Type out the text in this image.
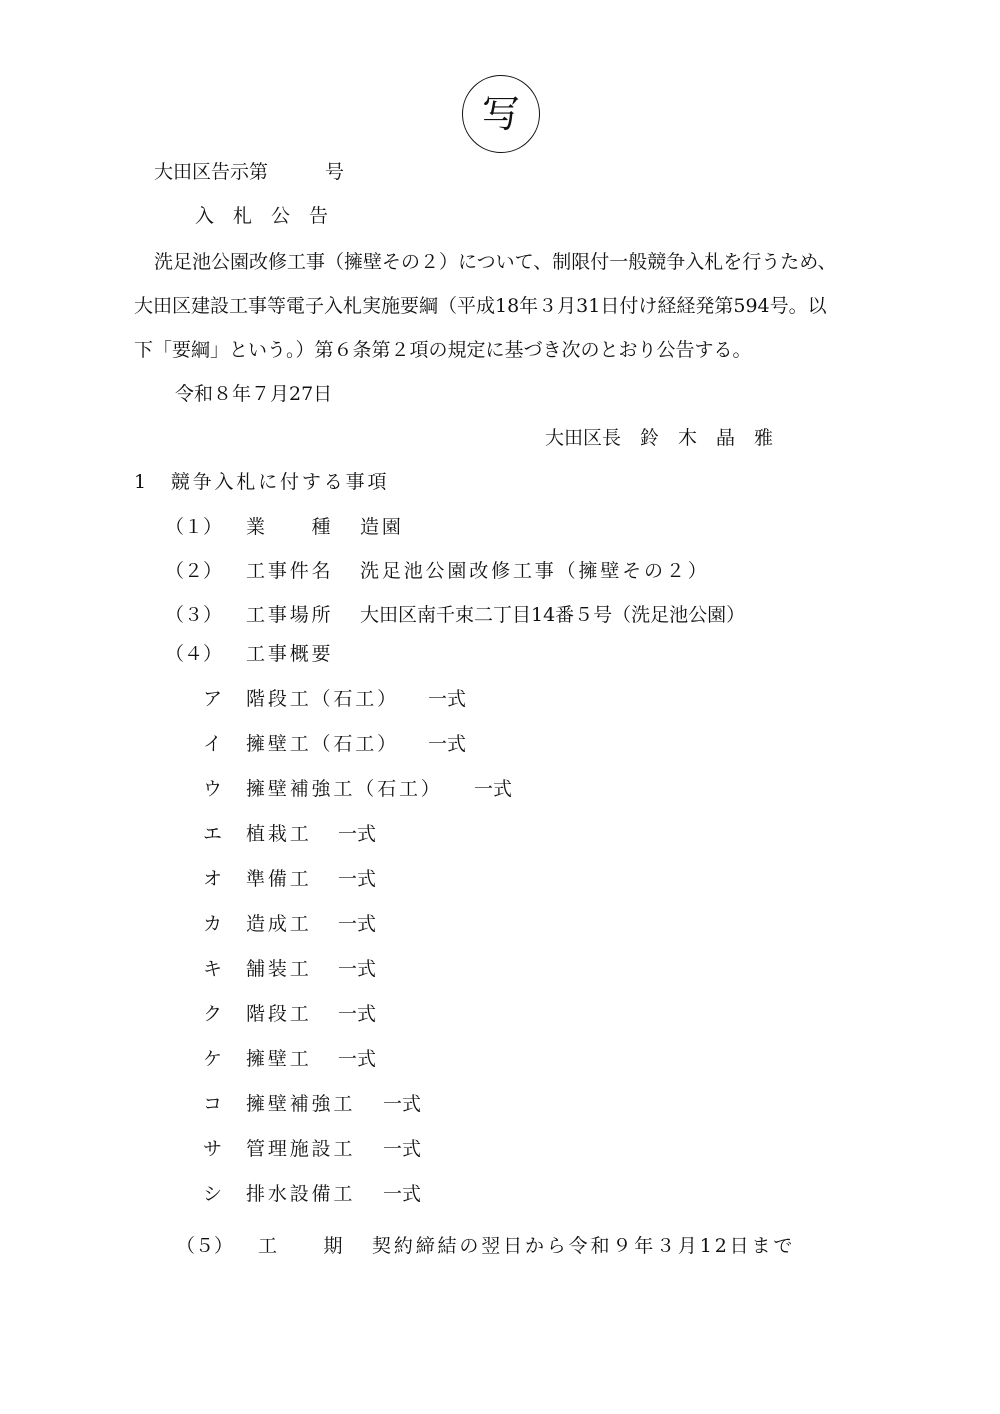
写
大田区告示第　　　号
入　札　公　告
洗足池公園改修工事（擁壁その２）について、制限付一般競争入札を行うため、
大田区建設工事等電子入札実施要綱（平成18年３月31日付け経経発第594号。以
下「要綱」という。）第６条第２項の規定に基づき次のとおり公告する。
令和８年７月27日
大田区長　鈴　木　晶　雅
1　競争入札に付する事項
（１） 業　　種 造園
（２） 工事件名 洗足池公園改修工事（擁壁その２）
（３） 工事場所 大田区南千束二丁目14番５号（洗足池公園）
（４） 工事概要
ア 階段工（石工） 一式
イ 擁壁工（石工） 一式
ウ 擁壁補強工（石工） 一式
エ 植栽工 一式
オ 準備工 一式
カ 造成工 一式
キ 舗装工 一式
ク 階段工 一式
ケ 擁壁工 一式
コ 擁壁補強工 一式
サ 管理施設工 一式
シ 排水設備工 一式
（５） 工　　期 契約締結の翌日から令和９年３月12日まで
